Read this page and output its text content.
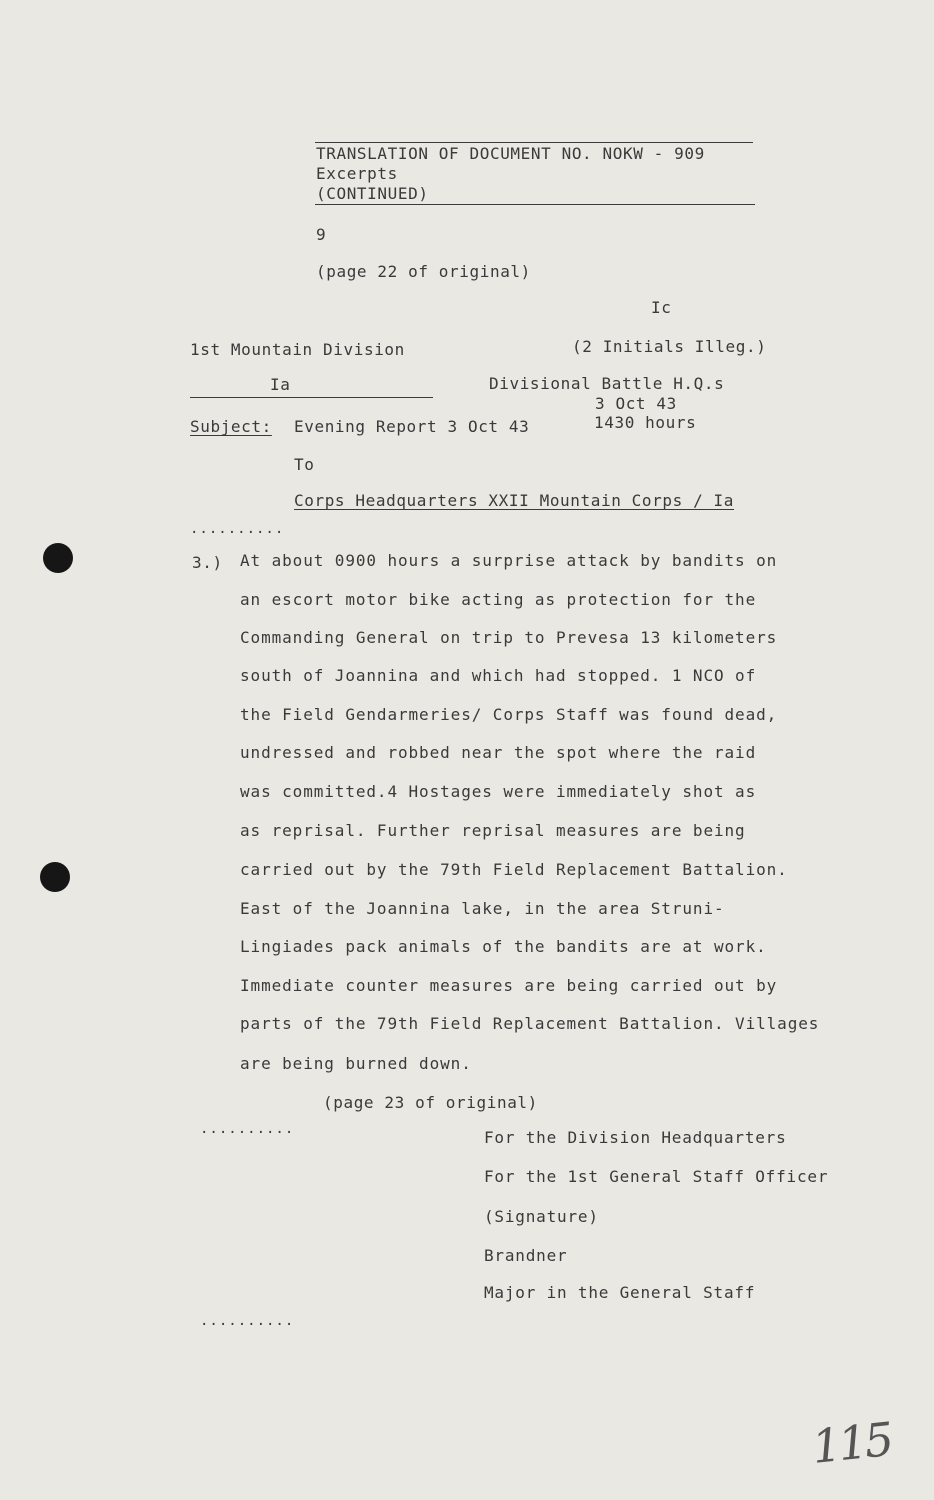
TRANSLATION OF DOCUMENT NO. NOKW - 909
Excerpts
(CONTINUED)
9
(page 22 of original)
Ic
(2 Initials Illeg.)
1st Mountain Division
Ia	Divisional Battle H.Q.s
3 Oct 43
Subject: Evening Report 3 Oct 43	1430 hours
To
Corps Headquarters XXII Mountain Corps / Ia
..........
3.) At about 0900 hours a surprise attack by bandits on
an escort motor bike acting as protection for the
Commanding General on trip to Prevesa 13 kilometers
south of Joannina and which had stopped. 1 NCO of
the Field Gendarmeries/ Corps Staff was found dead,
undressed and robbed near the spot where the raid
was committed.4 Hostages were immediately shot as
as reprisal. Further reprisal measures are being
carried out by the 79th Field Replacement Battalion.
East of the Joannina lake, in the area Struni-
Lingiades pack animals of the bandits are at work.
Immediate counter measures are being carried out by
parts of the 79th Field Replacement Battalion. Villages
are being burned down.
(page 23 of original)
..........	For the Division Headquarters
For the 1st General Staff Officer
(Signature)
Brandner
Major in the General Staff
..........
115
